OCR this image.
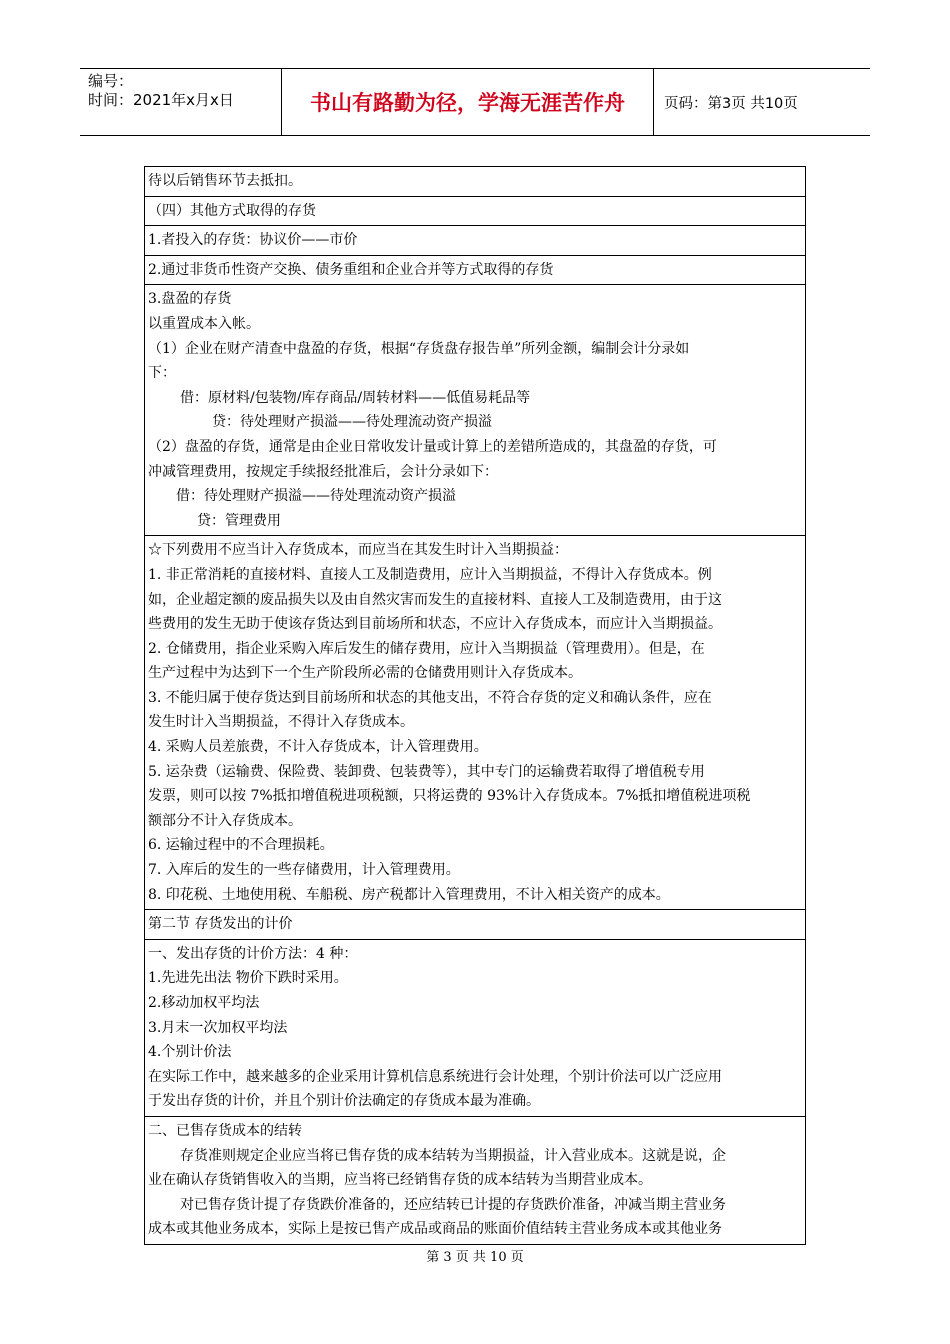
编号：
时间：2021年x月x日	书山有路勤为径，学海无涯苦作舟	页码：第3页 共10页
待以后销售环节去抵扣。

（四）其他方式取得的存货

1.者投入的存货：协议价——市价

2.通过非货币性资产交换、债务重组和企业合并等方式取得的存货

3.盘盈的存货
以重置成本入帐。
（1）企业在财产清查中盘盈的存货，根据“存货盘存报告单”所列金额，编制会计分录如
下：
借：原材料/包装物/库存商品/周转材料——低值易耗品等
贷：待处理财产损溢——待处理流动资产损溢
（2）盘盈的存货，通常是由企业日常收发计量或计算上的差错所造成的，其盘盈的存货，可
冲减管理费用，按规定手续报经批准后，会计分录如下：
借：待处理财产损溢——待处理流动资产损溢
贷：管理费用

☆下列费用不应当计入存货成本，而应当在其发生时计入当期损益：
1. 非正常消耗的直接材料、直接人工及制造费用，应计入当期损益，不得计入存货成本。例
如，企业超定额的废品损失以及由自然灾害而发生的直接材料、直接人工及制造费用，由于这
些费用的发生无助于使该存货达到目前场所和状态，不应计入存货成本，而应计入当期损益。
2. 仓储费用，指企业采购入库后发生的储存费用，应计入当期损益（管理费用）。但是，在
生产过程中为达到下一个生产阶段所必需的仓储费用则计入存货成本。
3. 不能归属于使存货达到目前场所和状态的其他支出，不符合存货的定义和确认条件，应在
发生时计入当期损益，不得计入存货成本。
4. 采购人员差旅费，不计入存货成本，计入管理费用。
5. 运杂费（运输费、保险费、装卸费、包装费等），其中专门的运输费若取得了增值税专用
发票，则可以按 7%抵扣增值税进项税额，只将运费的 93%计入存货成本。7%抵扣增值税进项税
额部分不计入存货成本。
6. 运输过程中的不合理损耗。
7. 入库后的发生的一些存储费用，计入管理费用。
8. 印花税、土地使用税、车船税、房产税都计入管理费用，不计入相关资产的成本。

第二节 存货发出的计价

一、发出存货的计价方法：4 种：
1.先进先出法 物价下跌时采用。
2.移动加权平均法
3.月末一次加权平均法
4.个别计价法
在实际工作中，越来越多的企业采用计算机信息系统进行会计处理，个别计价法可以广泛应用
于发出存货的计价，并且个别计价法确定的存货成本最为准确。

二、已售存货成本的结转
存货准则规定企业应当将已售存货的成本结转为当期损益，计入营业成本。这就是说，企
业在确认存货销售收入的当期，应当将已经销售存货的成本结转为当期营业成本。
对已售存货计提了存货跌价准备的，还应结转已计提的存货跌价准备，冲减当期主营业务
成本或其他业务成本，实际上是按已售产成品或商品的账面价值结转主营业务成本或其他业务
第 3 页 共 10 页
